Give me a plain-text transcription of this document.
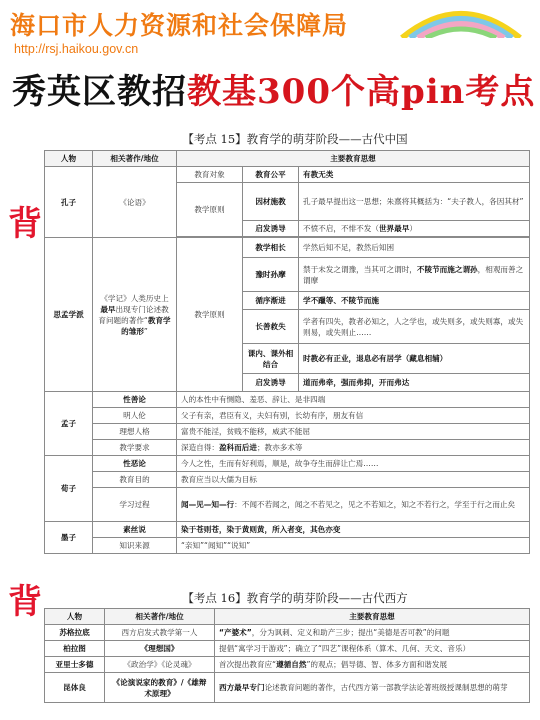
海口市人力资源和社会保障局
http://rsj.haikou.gov.cn
秀英区教招教基300个高pin考点
背
背
【考点 15】教育学的萌芽阶段——古代中国
人物	相关著作/地位	主要教育思想		
孔子	《论语》	教育对象	教育公平	有教无类
		教学原则	因材施教	孔子最早提出这一思想；朱熹将其概括为：“夫子教人，各因其材”
			启发诱导	不愤不启，不悱不发（世界最早）

思孟学派	《学记》人类历史上最早出现专门论述教育问题的著作“教育学的雏形”	教学原则	教学相长	学然后知不足，教然后知困
			豫时孙摩	禁于未发之谓豫，当其可之谓时，不陵节而施之谓孙，相观而善之谓摩
			循序渐进	学不躐等、不陵节而施
			长善救失	学者有四失，教者必知之，人之学也，或失则多，或失则寡，或失则易，或失则止……
			课内、课外相结合	时教必有正业，退息必有居学（藏息相辅）
			启发诱导	道而弗牵，强而弗抑，开而弗达
孟子	性善论	人的本性中有恻隐、羞恶、辞让、是非四端		
	明人伦	父子有亲，君臣有义，夫妇有别，长幼有序，朋友有信		
	理想人格	富贵不能淫，贫贱不能移，威武不能屈		
	教学要求	深造自得：盈科而后进；教亦多术等		
荀子	性恶论	今人之性，生而有好利焉，顺是，故争夺生而辞让亡焉……		
	教育目的	教育应当以大儒为目标		
	学习过程	闻—见—知—行：不闻不若闻之，闻之不若见之，见之不若知之，知之不若行之，学至于行之而止矣		
墨子	素丝说	染于苍则苍，染于黄则黄，所入者变，其色亦变		
	知识来源	“亲知”“闻知”“说知”		
【考点 16】教育学的萌芽阶段——古代西方
人物	相关著作/地位	主要教育思想
苏格拉底	西方启发式教学第一人	“产婆术”，分为讽刺、定义和助产三步；提出“美德是否可教”的问题
柏拉图	《理想国》	提倡“寓学习于游戏”；确立了“四艺”课程体系（算术、几何、天文、音乐）
亚里士多德	《政治学》《论灵魂》	首次提出教育应“遵循自然”的观点；倡导德、智、体多方面和谐发展
昆体良	《论演说家的教育》/《雄辩术原理》	西方最早专门论述教育问题的著作，古代西方第一部教学法论著班级授课制思想的萌芽
